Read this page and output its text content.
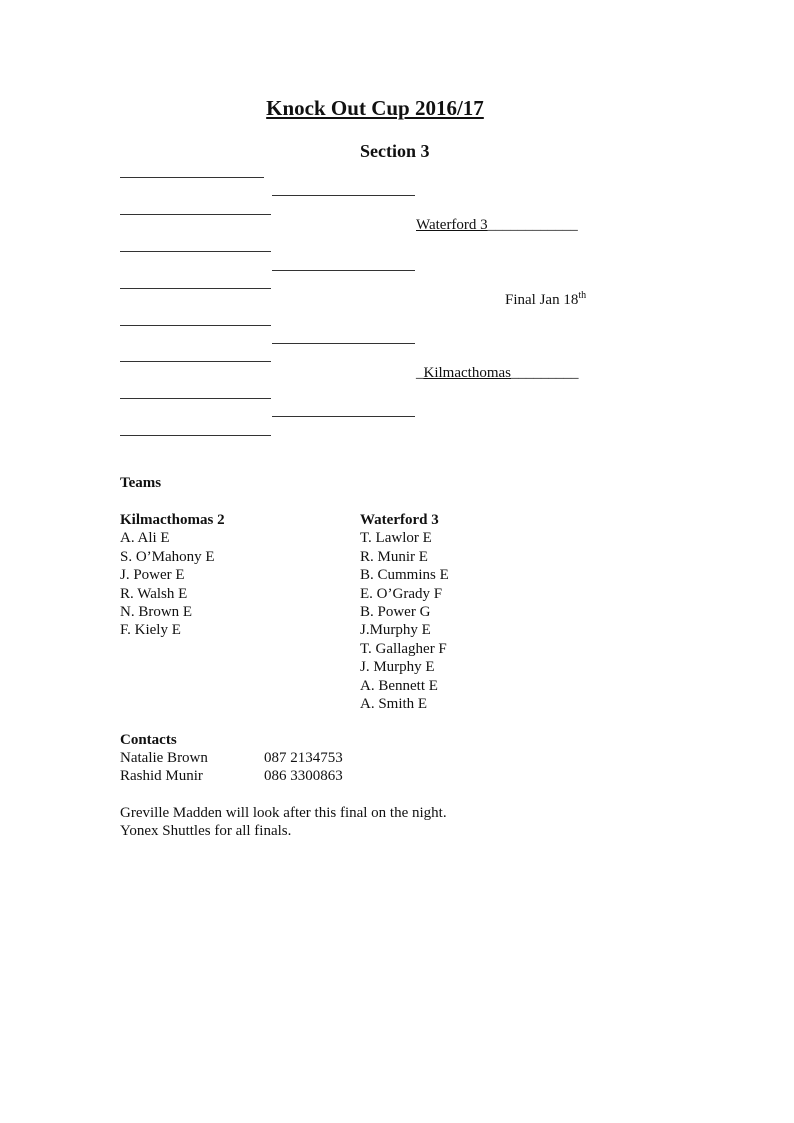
Knock Out Cup 2016/17
Section 3
Waterford 3____________
Final Jan 18th
_Kilmacthomas_________
Teams
Kilmacthomas 2
A. Ali E
S. O’Mahony E
J. Power E
R. Walsh E
N. Brown E
F. Kiely E
Waterford 3
T. Lawlor E
R. Munir E
B. Cummins E
E. O’Grady F
B. Power G
J.Murphy E
T. Gallagher F
J. Murphy E
A. Bennett E
A. Smith E
Contacts
Natalie Brown	087 2134753
Rashid Munir	086 3300863
Greville Madden will look after this final on the night.
Yonex Shuttles for all finals.
